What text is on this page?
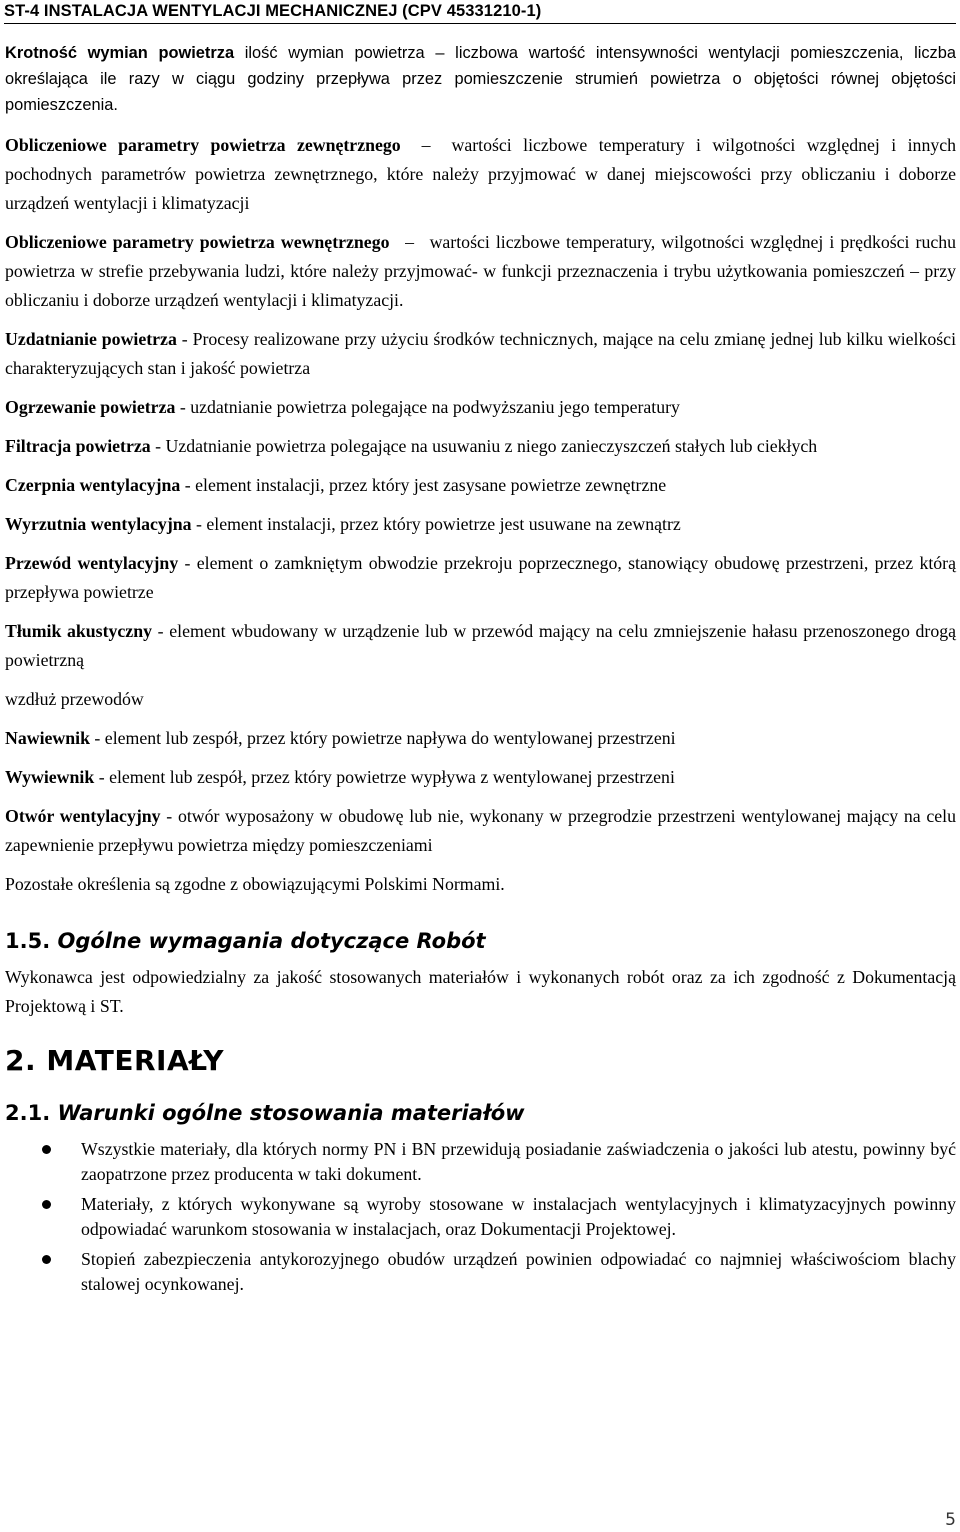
ST-4 INSTALACJA WENTYLACJI MECHANICZNEJ (CPV 45331210-1)

Krotność wymian powietrza ilość wymian powietrza – liczbowa wartość intensywności wentylacji pomieszczenia, liczba określająca ile razy w ciągu godziny przepływa przez pomieszczenie strumień powietrza o objętości równej objętości pomieszczenia.

Obliczeniowe parametry powietrza zewnętrznego – wartości liczbowe temperatury i wilgotności względnej i innych pochodnych parametrów powietrza zewnętrznego, które należy przyjmować w danej miejscowości przy obliczaniu i doborze urządzeń wentylacji i klimatyzacji

Obliczeniowe parametry powietrza wewnętrznego – wartości liczbowe temperatury, wilgotności względnej i prędkości ruchu powietrza w strefie przebywania ludzi, które należy przyjmować- w funkcji przeznaczenia i trybu użytkowania pomieszczeń – przy obliczaniu i doborze urządzeń wentylacji i klimatyzacji.

Uzdatnianie powietrza - Procesy realizowane przy użyciu środków technicznych, mające na celu zmianę jednej lub kilku wielkości charakteryzujących stan i jakość powietrza

Ogrzewanie powietrza - uzdatnianie powietrza polegające na podwyższaniu jego temperatury

Filtracja powietrza - Uzdatnianie powietrza polegające na usuwaniu z niego zanieczyszczeń stałych lub ciekłych

Czerpnia wentylacyjna - element instalacji, przez który jest zasysane powietrze zewnętrzne

Wyrzutnia wentylacyjna - element instalacji, przez który powietrze jest usuwane na zewnątrz

Przewód wentylacyjny - element o zamkniętym obwodzie przekroju poprzecznego, stanowiący obudowę przestrzeni, przez którą przepływa powietrze

Tłumik akustyczny - element wbudowany w urządzenie lub w przewód mający na celu zmniejszenie hałasu przenoszonego drogą powietrzną

wzdłuż przewodów

Nawiewnik - element lub zespół, przez który powietrze napływa do wentylowanej przestrzeni

Wywiewnik - element lub zespół, przez który powietrze wypływa z wentylowanej przestrzeni

Otwór wentylacyjny - otwór wyposażony w obudowę lub nie, wykonany w przegrodzie przestrzeni wentylowanej mający na celu zapewnienie przepływu powietrza między pomieszczeniami

Pozostałe określenia są zgodne z obowiązującymi Polskimi Normami.

1.5. Ogólne wymagania dotyczące Robót

Wykonawca jest odpowiedzialny za jakość stosowanych materiałów i wykonanych robót oraz za ich zgodność z Dokumentacją Projektową i ST.

2. MATERIAŁY
2.1. Warunki ogólne stosowania materiałów
Wszystkie materiały, dla których normy PN i BN przewidują posiadanie zaświadczenia o jakości lub atestu, powinny być zaopatrzone przez producenta w taki dokument.
Materiały, z których wykonywane są wyroby stosowane w instalacjach wentylacyjnych i klimatyzacyjnych powinny odpowiadać warunkom stosowania w instalacjach, oraz Dokumentacji Projektowej.
Stopień zabezpieczenia antykorozyjnego obudów urządzeń powinien odpowiadać co najmniej właściwościom blachy stalowej ocynkowanej.
5
